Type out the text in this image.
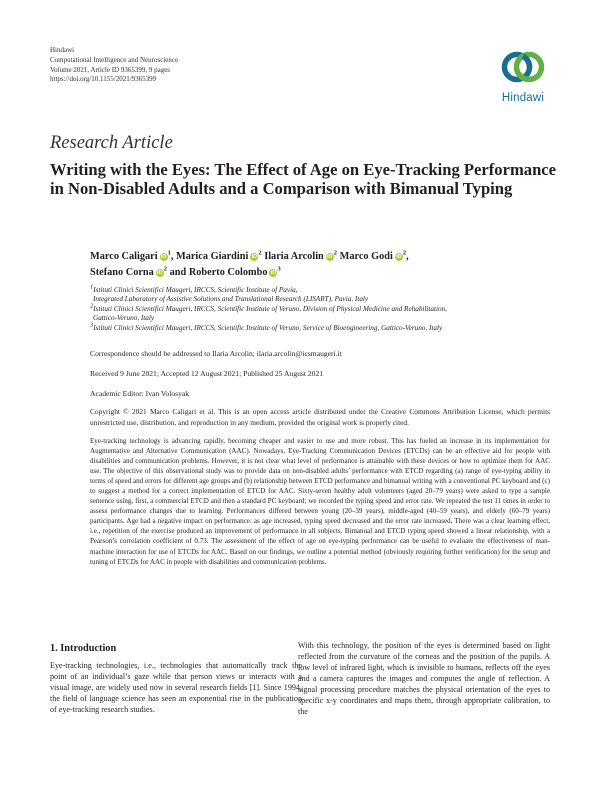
Hindawi
Computational Intelligence and Neuroscience
Volume 2021, Article ID 9365399, 9 pages
https://doi.org/10.1155/2021/9365399
Hindawi
Research Article
Writing with the Eyes: The Effect of Age on Eye-Tracking Performance in Non-Disabled Adults and a Comparison with Bimanual Typing
Marco Caligari $iD^1$, Marica Giardini $iD^2$ Ilaria Arcolin $iD^2$ Marco Godi $iD^2$,
Stefano Corna $iD^2$ and Roberto Colombo $iD^3$
$^1$Istituti Clinici Scientifici Maugeri, IRCCS, Scientific Institute of Pavia,
Integrated Laboratory of Assistive Solutions and Translational Research (LISART), Pavia, Italy
$^2$Istituti Clinici Scientifici Maugeri, IRCCS, Scientific Institute of Veruno, Division of Physical Medicine and Rehabilitation,
Gattico-Veruno, Italy
$^3$Istituti Clinici Scientifici Maugeri, IRCCS, Scientific Institute of Veruno, Service of Bioengineering, Gattico-Veruno, Italy
Correspondence should be addressed to Ilaria Arcolin; ilaria.arcolin@icsmaugeri.it
Received 9 June 2021; Accepted 12 August 2021; Published 25 August 2021
Academic Editor: Ivan Volosyak
Copyright © 2021 Marco Caligari et al. This is an open access article distributed under the Creative Commons Attribution License, which permits unrestricted use, distribution, and reproduction in any medium, provided the original work is properly cited.
Eye-tracking technology is advancing rapidly, becoming cheaper and easier to use and more robust. This has fueled an increase in its implementation for Augmentative and Alternative Communication (AAC). Nowadays, Eye-Tracking Communication Devices (ETCDs) can be an effective aid for people with disabilities and communication problems. However, it is not clear what level of performance is attainable with these devices or how to optimize them for AAC use. The objective of this observational study was to provide data on non-disabled adults’ performance with ETCD regarding (a) range of eye-typing ability in terms of speed and errors for different age groups and (b) relationship between ETCD performance and bimanual writing with a conventional PC keyboard and (c) to suggest a method for a correct implementation of ETCD for AAC. Sixty-seven healthy adult volunteers (aged 20–79 years) were asked to type a sample sentence using, first, a commercial ETCD and then a standard PC keyboard; we recorded the typing speed and error rate. We repeated the test 11 times in order to assess performance changes due to learning. Performances differed between young (20–39 years), middle-aged (40–59 years), and elderly (60–79 years) participants. Age had a negative impact on performance: as age increased, typing speed decreased and the error rate increased. There was a clear learning effect, i.e., repetition of the exercise produced an improvement of performance in all subjects. Bimanual and ETCD typing speed showed a linear relationship, with a Pearson’s correlation coefficient of 0.73. The assessment of the effect of age on eye-typing performance can be useful to evaluate the effectiveness of man-machine interaction for use of ETCDs for AAC. Based on our findings, we outline a potential method (obviously requiring further verification) for the setup and tuning of ETCDs for AAC in people with disabilities and communication problems.
1. Introduction
Eye-tracking technologies, i.e., technologies that automatically track the point of an individual’s gaze while that person views or interacts with a visual image, are widely used now in several research fields [1]. Since 1994, the field of language science has seen an exponential rise in the publication of eye-tracking research studies.
With this technology, the position of the eyes is determined based on light reflected from the curvature of the corneas and the position of the pupils. A low level of infrared light, which is invisible to humans, reflects off the eyes and a camera captures the images and computes the angle of reflection. A signal processing procedure matches the physical orientation of the eyes to specific x-y coordinates and maps them, through appropriate calibration, to the
